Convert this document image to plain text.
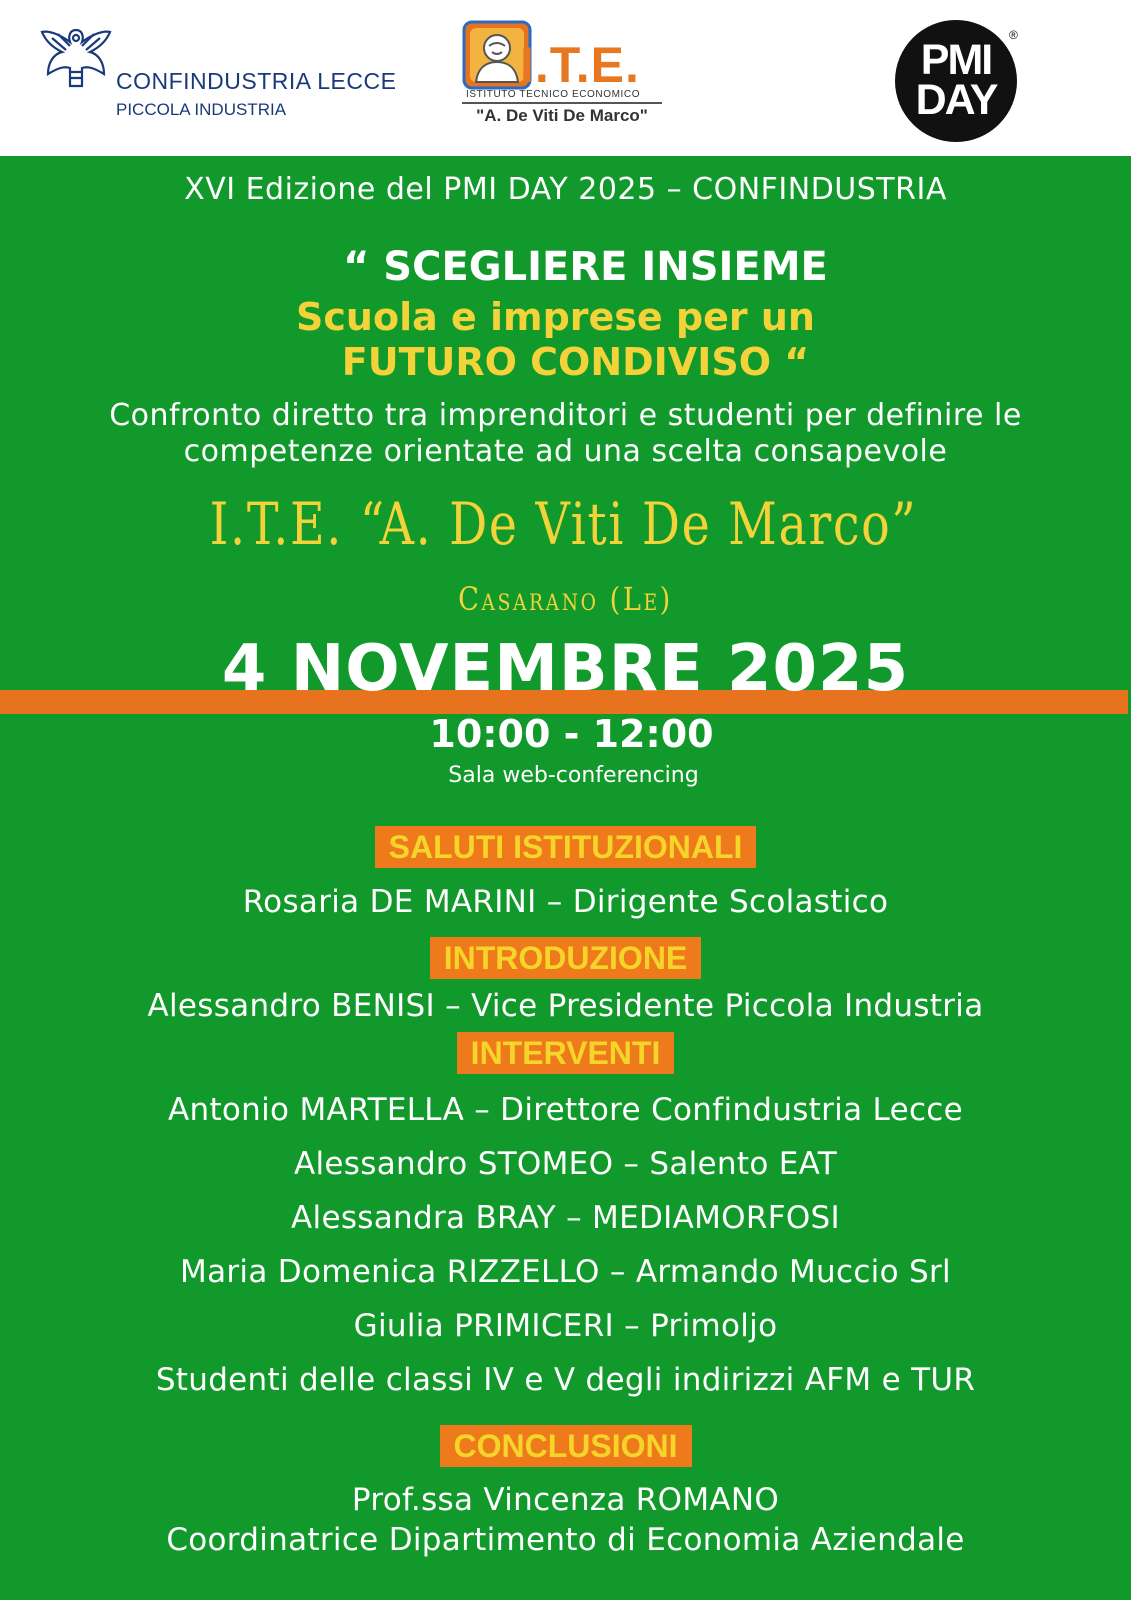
CONFINDUSTRIA LECCE
PICCOLA INDUSTRIA
I.T.E.
ISTITUTO TECNICO ECONOMICO
"A. De Viti De Marco"
PMI
DAY
®
XVI Edizione del PMI DAY 2025 – CONFINDUSTRIA
“ SCEGLIERE INSIEME
Scuola e imprese per un
FUTURO CONDIVISO “
Confronto diretto tra imprenditori e studenti per definire le
competenze orientate ad una scelta consapevole
I.T.E. “A. De Viti De Marco”
Casarano (Le)
4 NOVEMBRE 2025
10:00 - 12:00
Sala web-conferencing
SALUTI ISTITUZIONALI
Rosaria DE MARINI – Dirigente Scolastico
INTRODUZIONE
Alessandro BENISI – Vice Presidente Piccola Industria
INTERVENTI
Antonio MARTELLA – Direttore Confindustria Lecce
Alessandro STOMEO – Salento EAT
Alessandra BRAY – MEDIAMORFOSI
Maria Domenica RIZZELLO – Armando Muccio Srl
Giulia PRIMICERI – Primoljo
Studenti delle classi IV e V degli indirizzi AFM e TUR
CONCLUSIONI
Prof.ssa Vincenza ROMANO
Coordinatrice Dipartimento di Economia Aziendale
